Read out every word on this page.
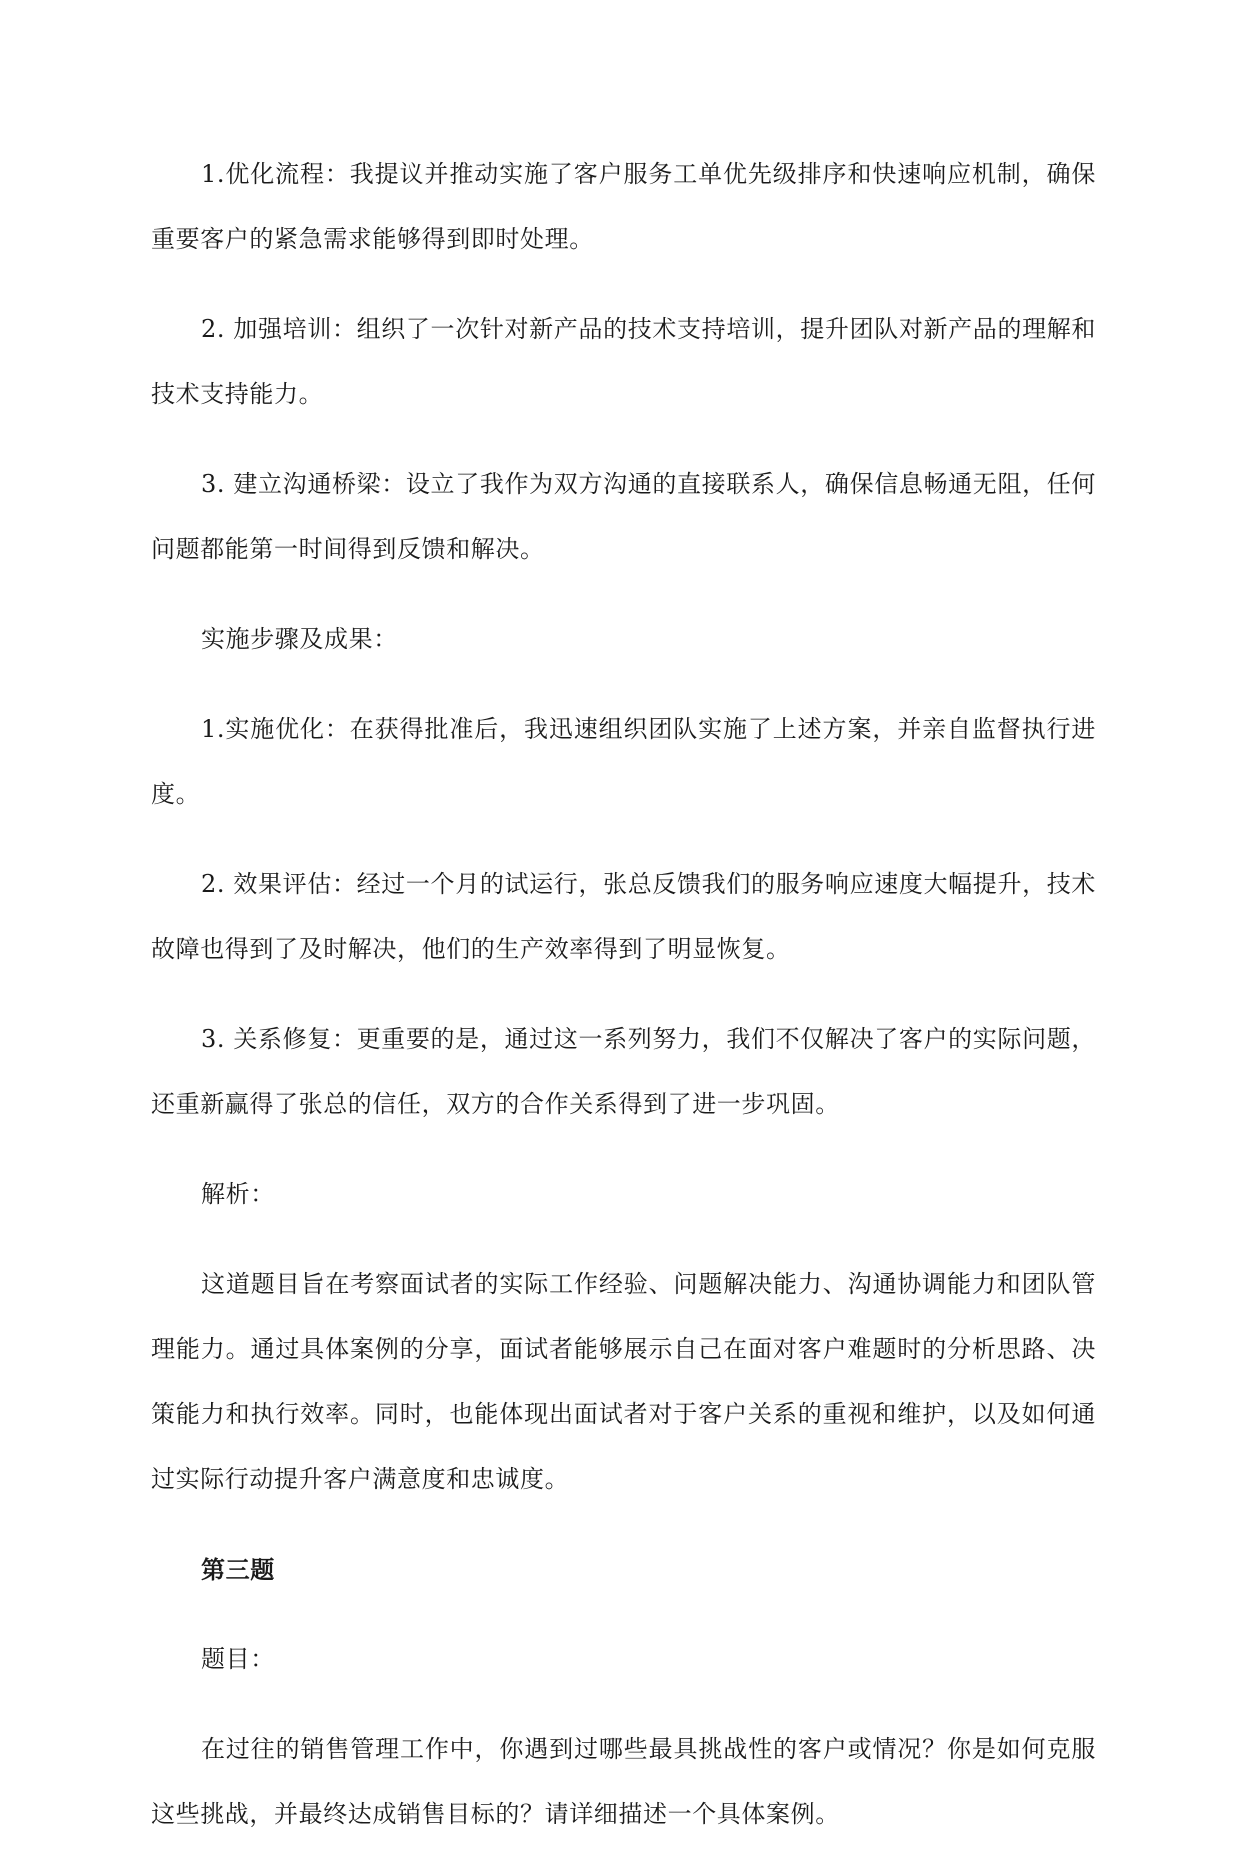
1.优化流程：我提议并推动实施了客户服务工单优先级排序和快速响应机制，确保重要客户的紧急需求能够得到即时处理。

2. 加强培训：组织了一次针对新产品的技术支持培训，提升团队对新产品的理解和技术支持能力。

3. 建立沟通桥梁：设立了我作为双方沟通的直接联系人，确保信息畅通无阻，任何问题都能第一时间得到反馈和解决。

实施步骤及成果：

1.实施优化：在获得批准后，我迅速组织团队实施了上述方案，并亲自监督执行进度。

2. 效果评估：经过一个月的试运行，张总反馈我们的服务响应速度大幅提升，技术故障也得到了及时解决，他们的生产效率得到了明显恢复。

3. 关系修复：更重要的是，通过这一系列努力，我们不仅解决了客户的实际问题，还重新赢得了张总的信任，双方的合作关系得到了进一步巩固。

解析：

这道题目旨在考察面试者的实际工作经验、问题解决能力、沟通协调能力和团队管理能力。通过具体案例的分享，面试者能够展示自己在面对客户难题时的分析思路、决策能力和执行效率。同时，也能体现出面试者对于客户关系的重视和维护，以及如何通过实际行动提升客户满意度和忠诚度。

第三题

题目：

在过往的销售管理工作中，你遇到过哪些最具挑战性的客户或情况？你是如何克服这些挑战，并最终达成销售目标的？请详细描述一个具体案例。
